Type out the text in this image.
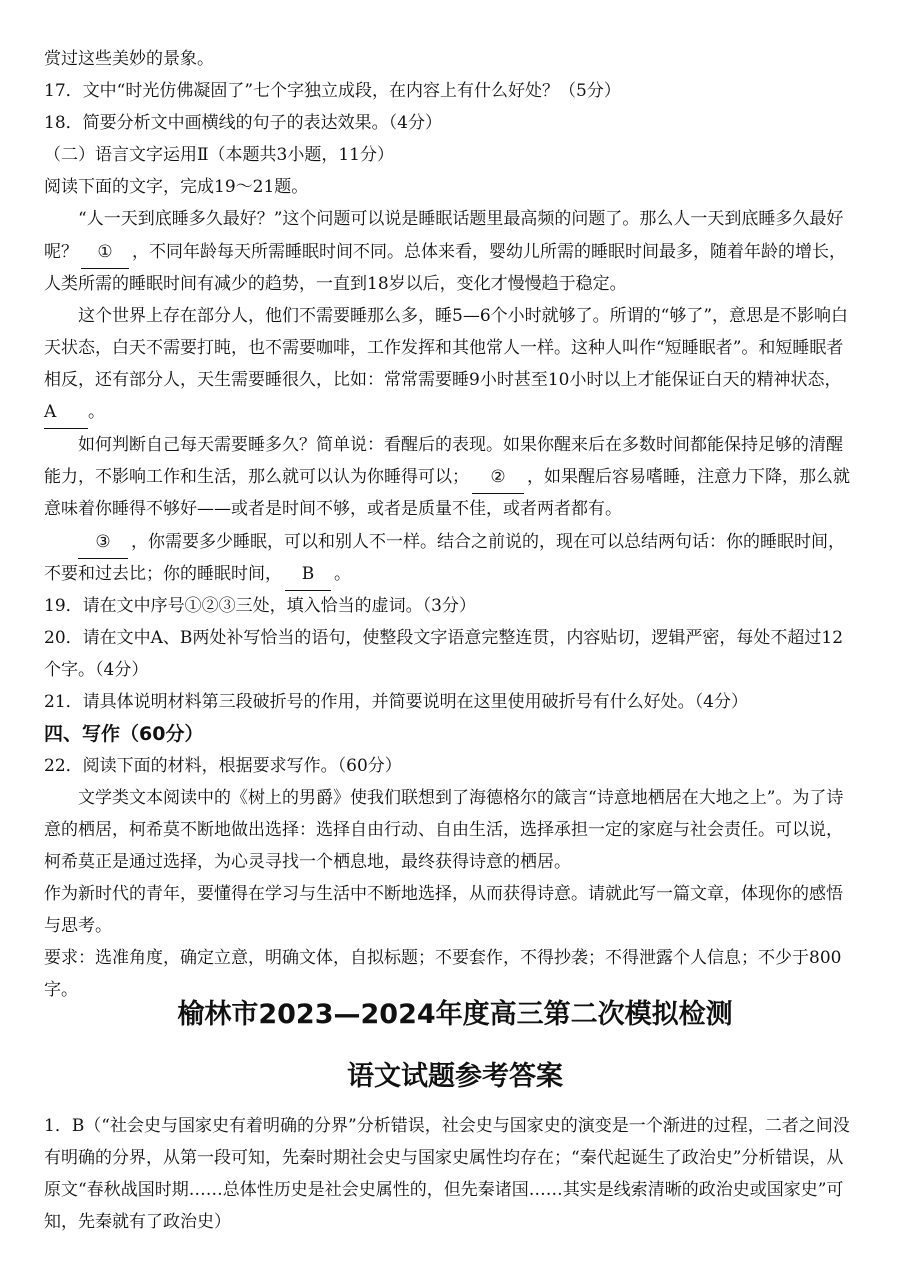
赏过这些美妙的景象。
17．文中“时光仿佛凝固了”七个字独立成段，在内容上有什么好处？（5分）
18．简要分析文中画横线的句子的表达效果。（4分）
（二）语言文字运用Ⅱ（本题共3小题，11分）
阅读下面的文字，完成19～21题。
“人一天到底睡多久最好？”这个问题可以说是睡眠话题里最高频的问题了。那么人一天到底睡多久最好
呢？ ① ，不同年龄每天所需睡眠时间不同。总体来看，婴幼儿所需的睡眠时间最多，随着年龄的增长，
人类所需的睡眠时间有减少的趋势，一直到18岁以后，变化才慢慢趋于稳定。
这个世界上存在部分人，他们不需要睡那么多，睡5—6个小时就够了。所谓的“够了”，意思是不影响白
天状态，白天不需要打盹，也不需要咖啡，工作发挥和其他常人一样。这种人叫作“短睡眠者”。和短睡眠者
相反，还有部分人，天生需要睡很久，比如：常常需要睡9小时甚至10小时以上才能保证白天的精神状态，
A 。
如何判断自己每天需要睡多久？简单说：看醒后的表现。如果你醒来后在多数时间都能保持足够的清醒
能力，不影响工作和生活，那么就可以认为你睡得可以； ② ，如果醒后容易嗜睡，注意力下降，那么就
意味着你睡得不够好——或者是时间不够，或者是质量不佳，或者两者都有。
③ ，你需要多少睡眠，可以和别人不一样。结合之前说的，现在可以总结两句话：你的睡眠时间，
不要和过去比；你的睡眠时间， B 。
19．请在文中序号①②③三处，填入恰当的虚词。（3分）
20．请在文中A、B两处补写恰当的语句，使整段文字语意完整连贯，内容贴切，逻辑严密，每处不超过12
个字。（4分）
21．请具体说明材料第三段破折号的作用，并简要说明在这里使用破折号有什么好处。（4分）
四、写作（60分）
22．阅读下面的材料，根据要求写作。（60分）
文学类文本阅读中的《树上的男爵》使我们联想到了海德格尔的箴言“诗意地栖居在大地之上”。为了诗
意的栖居，柯希莫不断地做出选择：选择自由行动、自由生活，选择承担一定的家庭与社会责任。可以说，
柯希莫正是通过选择，为心灵寻找一个栖息地，最终获得诗意的栖居。
作为新时代的青年，要懂得在学习与生活中不断地选择，从而获得诗意。请就此写一篇文章，体现你的感悟
与思考。
要求：选准角度，确定立意，明确文体，自拟标题；不要套作，不得抄袭；不得泄露个人信息；不少于800
字。
榆林市2023—2024年度高三第二次模拟检测
语文试题参考答案
1．B（“社会史与国家史有着明确的分界”分析错误，社会史与国家史的演变是一个渐进的过程，二者之间没
有明确的分界，从第一段可知，先秦时期社会史与国家史属性均存在；“秦代起诞生了政治史”分析错误，从
原文“春秋战国时期……总体性历史是社会史属性的，但先秦诸国……其实是线索清晰的政治史或国家史”可
知，先秦就有了政治史）
